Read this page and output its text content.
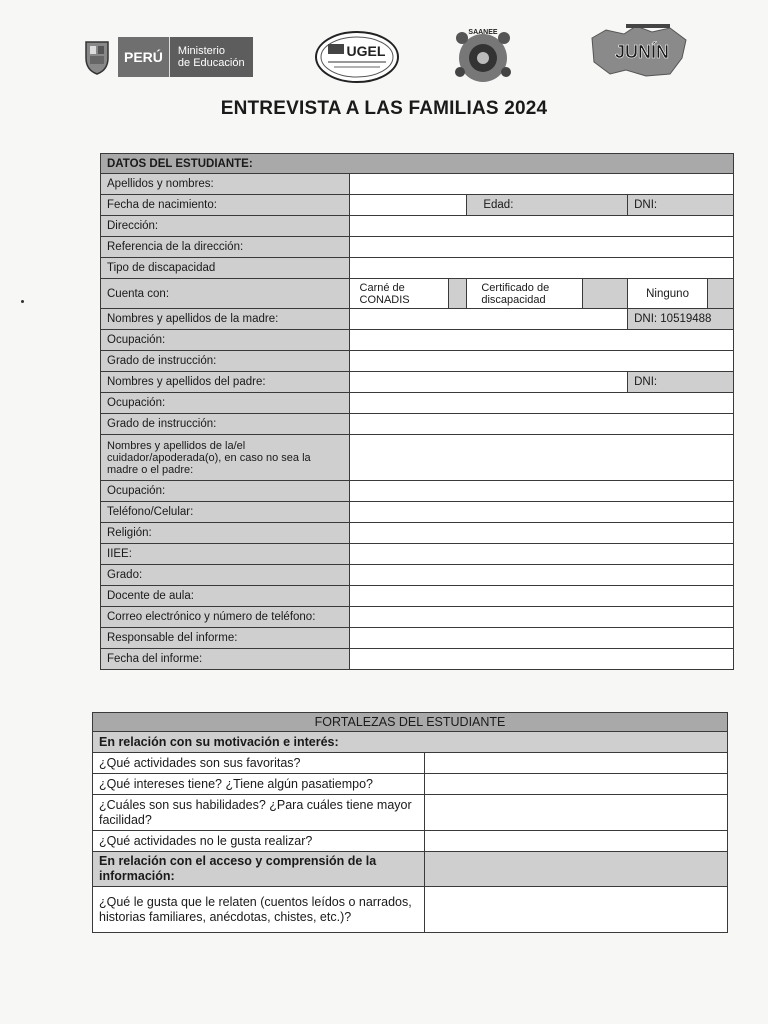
PERÚ	Ministerio
de Educación
UGEL
SAANEE
JUNÍN
ENTREVISTA A LAS FAMILIAS 2024
DATOS DEL ESTUDIANTE:						
Apellidos y nombres:						
Fecha de nacimiento:			Edad:		DNI:	
Dirección:						
Referencia de la dirección:						
Tipo de discapacidad						
Cuenta con:	Carné de CONADIS		Certificado de discapacidad		Ninguno	
Nombres y apellidos de la madre:					DNI: 10519488	
Ocupación:						
Grado de instrucción:						
Nombres y apellidos del padre:					DNI:	
Ocupación:						
Grado de instrucción:						
Nombres y apellidos de la/el cuidador/apoderada(o), en caso no sea la madre o el padre:						
Ocupación:						
Teléfono/Celular:						
Religión:						
IIEE:						
Grado:						
Docente de aula:						
Correo electrónico y número de teléfono:						
Responsable del informe:						
Fecha del informe:						
FORTALEZAS DEL ESTUDIANTE	
En relación con su motivación e interés:	
¿Qué actividades son sus favoritas?	
¿Qué intereses tiene? ¿Tiene algún pasatiempo?	
¿Cuáles son sus habilidades? ¿Para cuáles tiene mayor facilidad?	
¿Qué actividades no le gusta realizar?	
En relación con el acceso y comprensión de la información:	
¿Qué le gusta que le relaten (cuentos leídos o narrados, historias familiares, anécdotas, chistes, etc.)?	
